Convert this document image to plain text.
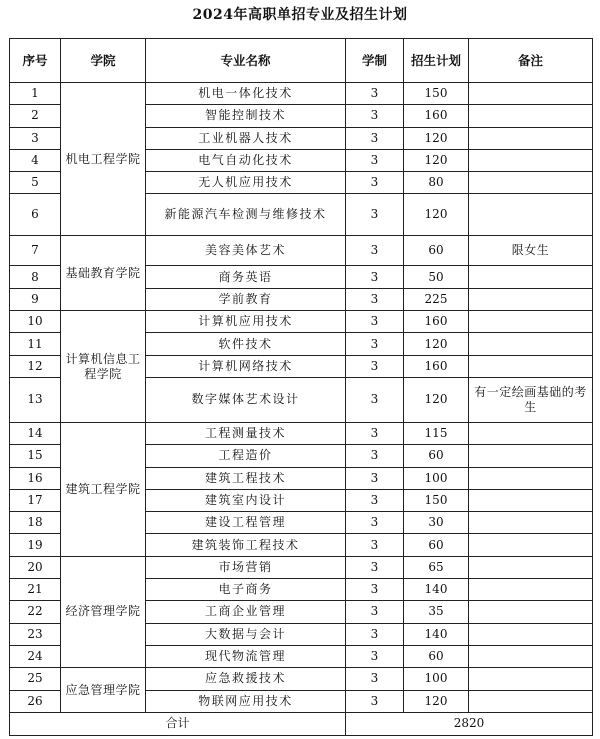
2024年高职单招专业及招生计划
序号	学院	专业名称	学制	招生计划	备注
1	机电工程学院	机电一体化技术	3	150	
2		智能控制技术	3	160	
3		工业机器人技术	3	120	
4		电气自动化技术	3	120	
5		无人机应用技术	3	80	
6		新能源汽车检测与维修技术	3	120	
7	基础教育学院	美容美体艺术	3	60	限女生
8		商务英语	3	50	
9		学前教育	3	225	
10	计算机信息工程学院	计算机应用技术	3	160	
11		软件技术	3	120	
12		计算机网络技术	3	160	
13		数字媒体艺术设计	3	120	有一定绘画基础的考生
14	建筑工程学院	工程测量技术	3	115	
15		工程造价	3	60	
16		建筑工程技术	3	100	
17		建筑室内设计	3	150	
18		建设工程管理	3	30	
19		建筑装饰工程技术	3	60	
20	经济管理学院	市场营销	3	65	
21		电子商务	3	140	
22		工商企业管理	3	35	
23		大数据与会计	3	140	
24		现代物流管理	3	60	
25	应急管理学院	应急救援技术	3	100	
26		物联网应用技术	3	120	
合计			2820		
